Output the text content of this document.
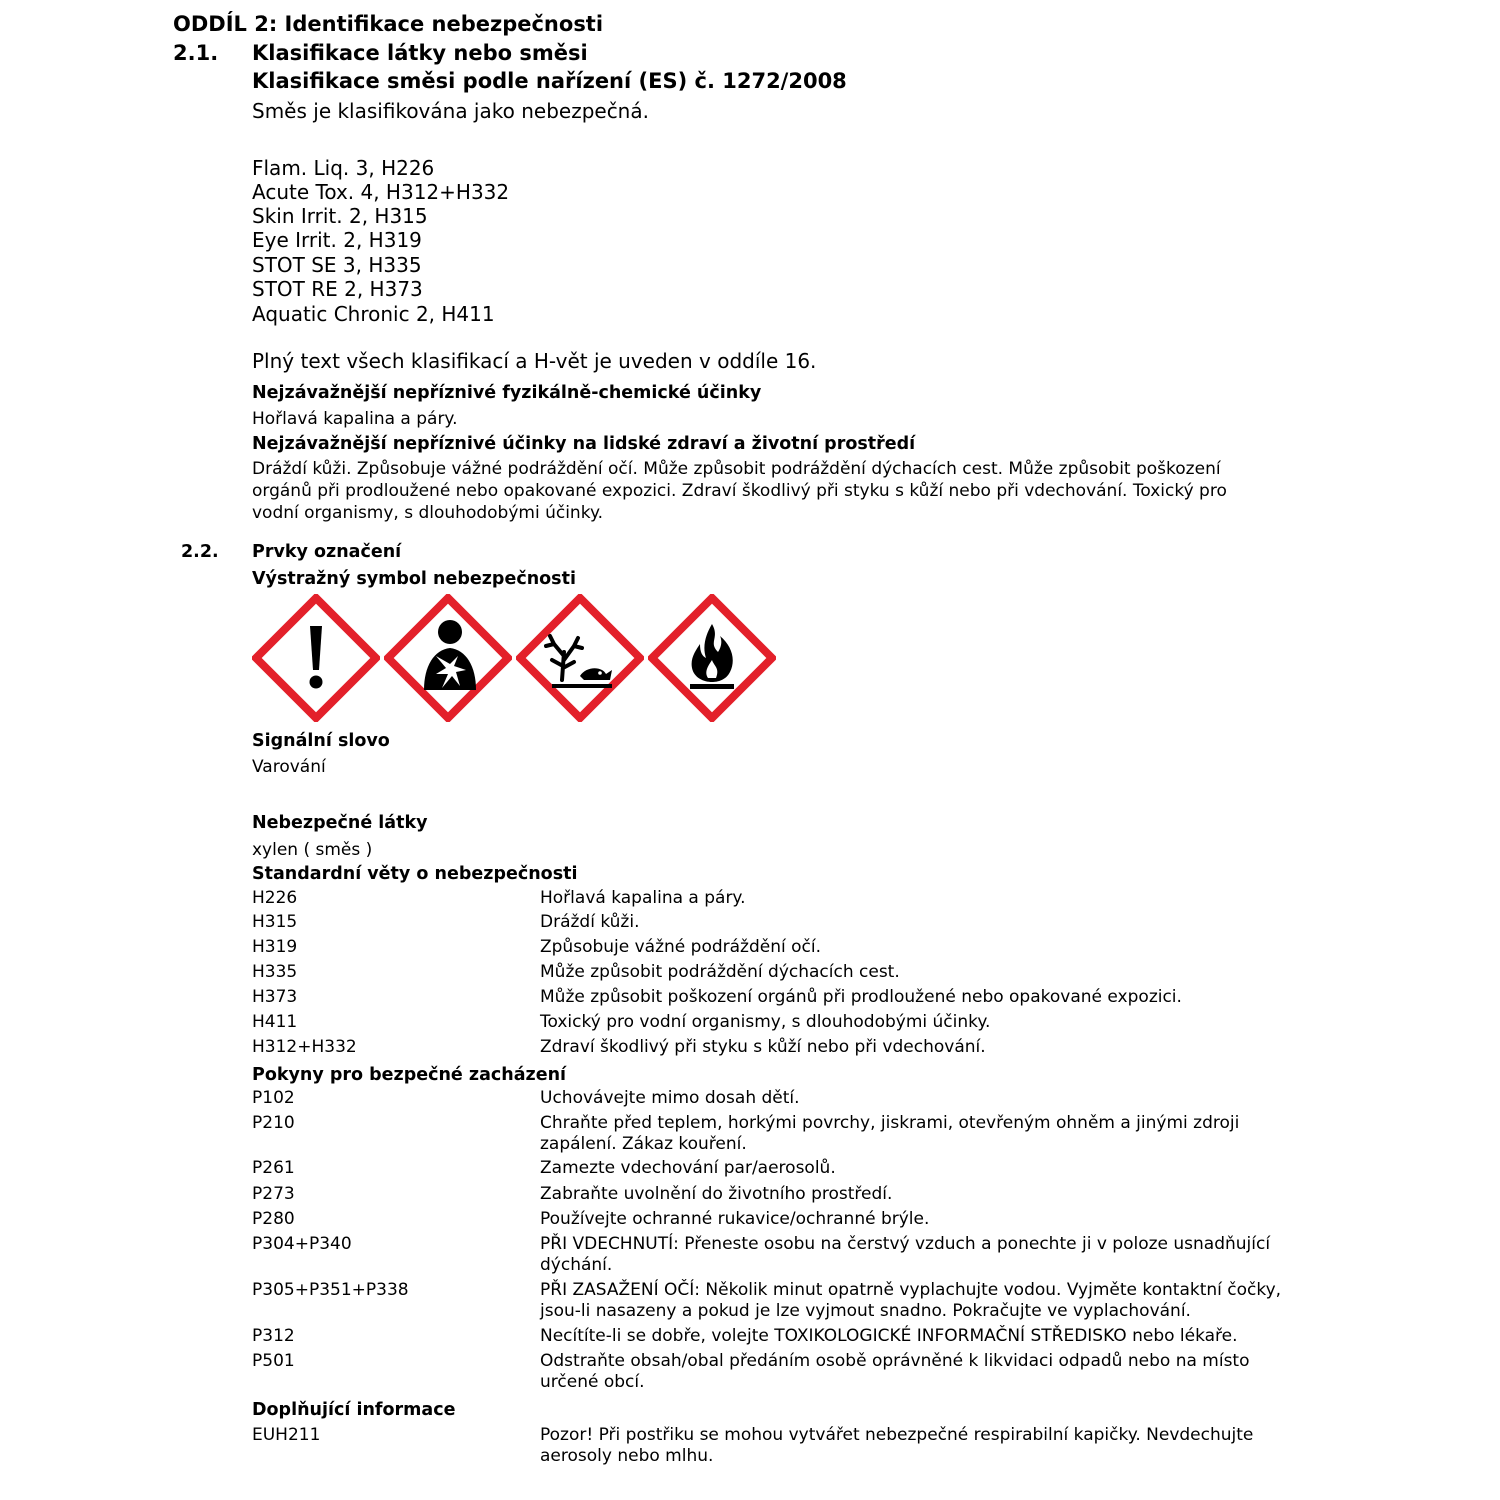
ODDÍL 2: Identifikace nebezpečnosti
2.1. Klasifikace látky nebo směsi
Klasifikace směsi podle nařízení (ES) č. 1272/2008
Směs je klasifikována jako nebezpečná.
Flam. Liq. 3, H226
Acute Tox. 4, H312+H332
Skin Irrit. 2, H315
Eye Irrit. 2, H319
STOT SE 3, H335
STOT RE 2, H373
Aquatic Chronic 2, H411
Plný text všech klasifikací a H-vět je uveden v oddíle 16.
Nejzávažnější nepříznivé fyzikálně-chemické účinky
Hořlavá kapalina a páry.
Nejzávažnější nepříznivé účinky na lidské zdraví a životní prostředí
Dráždí kůži. Způsobuje vážné podráždění očí. Může způsobit podráždění dýchacích cest. Může způsobit poškození
orgánů při prodloužené nebo opakované expozici. Zdraví škodlivý při styku s kůží nebo při vdechování. Toxický pro
vodní organismy, s dlouhodobými účinky.
2.2. Prvky označení
Výstražný symbol nebezpečnosti
Signální slovo
Varování
Nebezpečné látky
xylen ( směs )
Standardní věty o nebezpečnosti
H226	Hořlavá kapalina a páry.
H315	Dráždí kůži.
H319	Způsobuje vážné podráždění očí.
H335	Může způsobit podráždění dýchacích cest.
H373	Může způsobit poškození orgánů při prodloužené nebo opakované expozici.
H411	Toxický pro vodní organismy, s dlouhodobými účinky.
H312+H332	Zdraví škodlivý při styku s kůží nebo při vdechování.
Pokyny pro bezpečné zacházení
P102	Uchovávejte mimo dosah dětí.
P210	Chraňte před teplem, horkými povrchy, jiskrami, otevřeným ohněm a jinými zdroji zapálení. Zákaz kouření.
P261	Zamezte vdechování par/aerosolů.
P273	Zabraňte uvolnění do životního prostředí.
P280	Používejte ochranné rukavice/ochranné brýle.
P304+P340	PŘI VDECHNUTÍ: Přeneste osobu na čerstvý vzduch a ponechte ji v poloze usnadňující dýchání.
P305+P351+P338	PŘI ZASAŽENÍ OČÍ: Několik minut opatrně vyplachujte vodou. Vyjměte kontaktní čočky, jsou-li nasazeny a pokud je lze vyjmout snadno. Pokračujte ve vyplachování.
P312	Necítíte-li se dobře, volejte TOXIKOLOGICKÉ INFORMAČNÍ STŘEDISKO nebo lékaře.
P501	Odstraňte obsah/obal předáním osobě oprávněné k likvidaci odpadů nebo na místo určené obcí.
Doplňující informace
EUH211	Pozor! Při postřiku se mohou vytvářet nebezpečné respirabilní kapičky. Nevdechujte aerosoly nebo mlhu.
